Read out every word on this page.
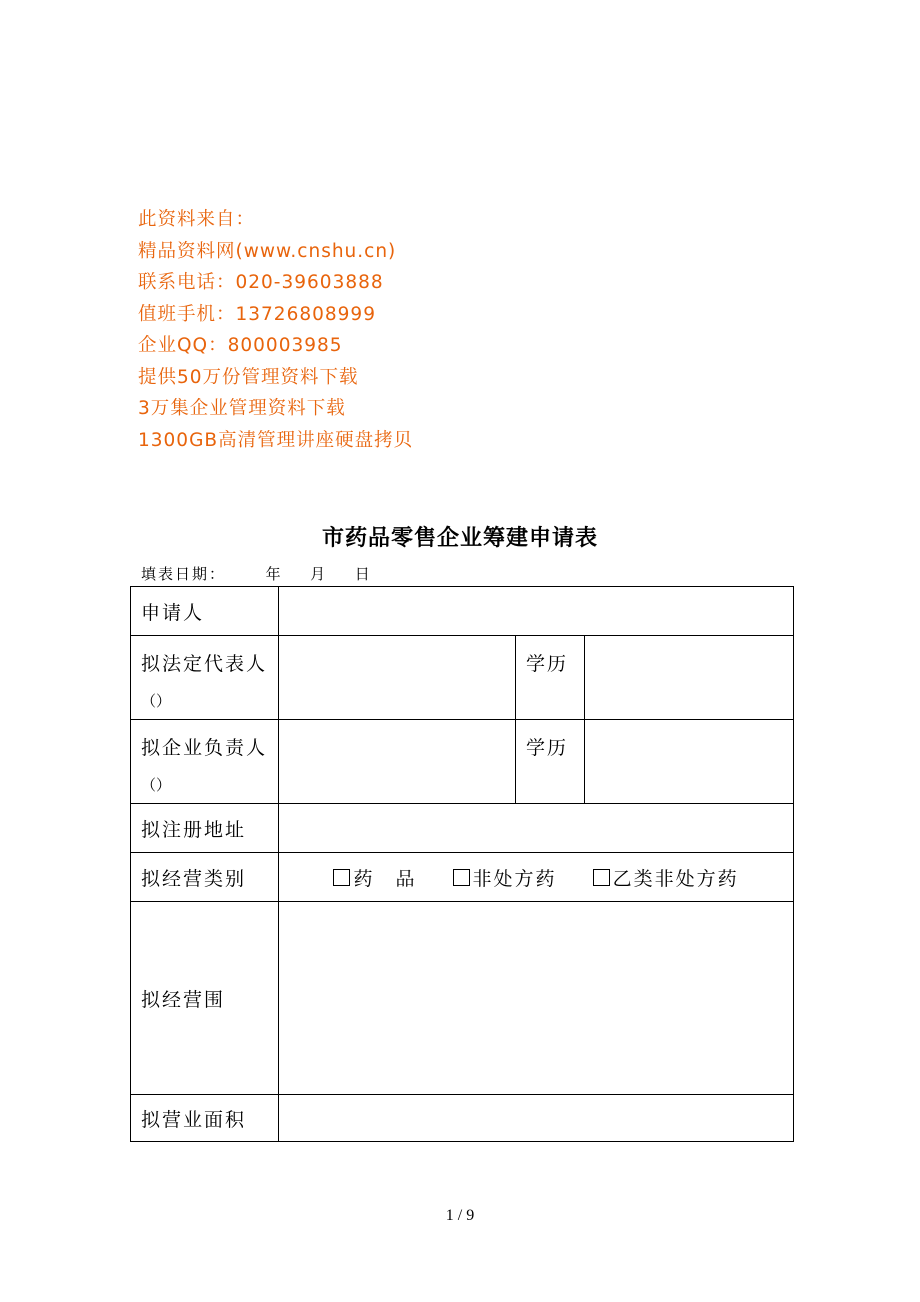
此资料来自：
精品资料网(www.cnshu.cn)
联系电话：020-39603888
值班手机：13726808999
企业QQ：800003985
提供50万份管理资料下载
3万集企业管理资料下载
1300GB高清管理讲座硬盘拷贝
市药品零售企业筹建申请表
填表日期：	年 月 日
申请人			

拟法定代表人
（）		学历	

拟企业负责人
（）		学历	

拟注册地址			
拟经营类别	药　品 非处方药 乙类非处方药		
拟经营围			
拟营业面积			
1 / 9
